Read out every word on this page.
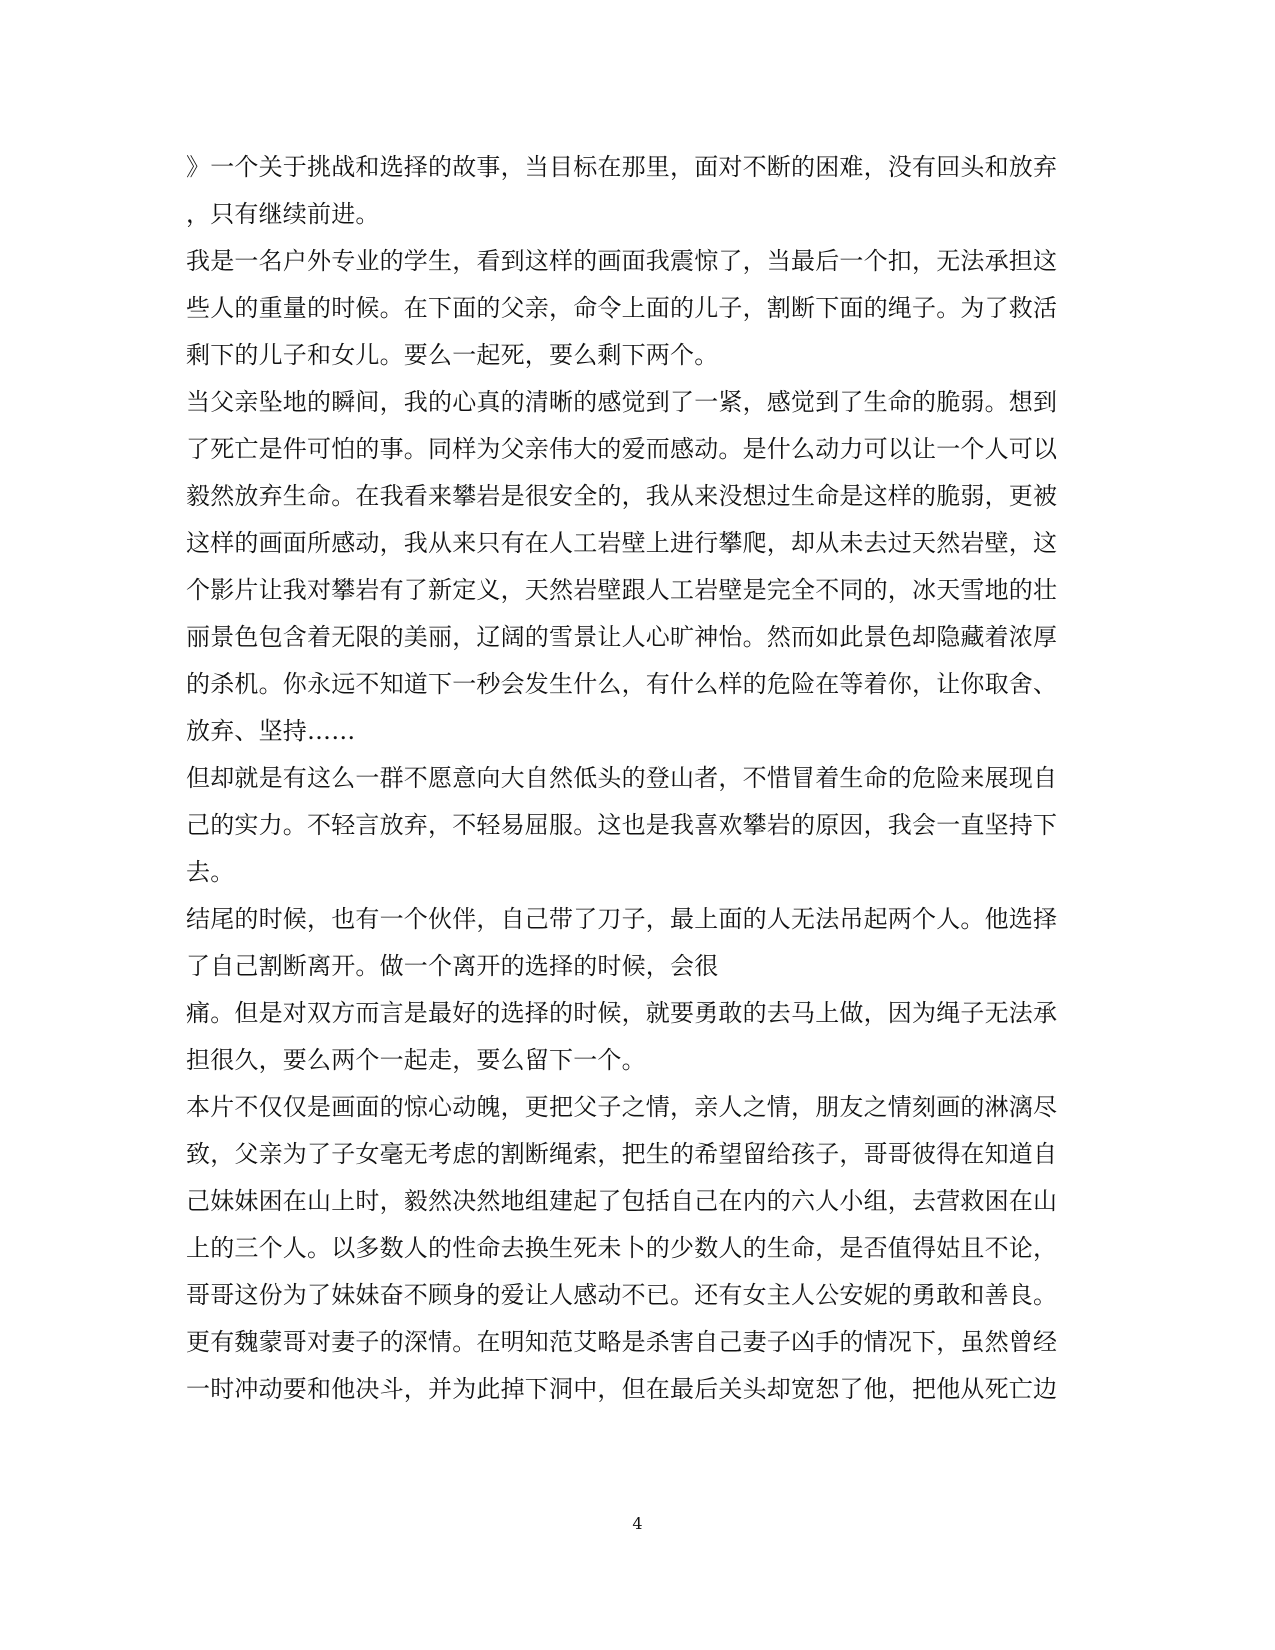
》一个关于挑战和选择的故事，当目标在那里，面对不断的困难，没有回头和放弃
，只有继续前进。
我是一名户外专业的学生，看到这样的画面我震惊了，当最后一个扣，无法承担这
些人的重量的时候。在下面的父亲，命令上面的儿子，割断下面的绳子。为了救活
剩下的儿子和女儿。要么一起死，要么剩下两个。
当父亲坠地的瞬间，我的心真的清晰的感觉到了一紧，感觉到了生命的脆弱。想到
了死亡是件可怕的事。同样为父亲伟大的爱而感动。是什么动力可以让一个人可以
毅然放弃生命。在我看来攀岩是很安全的，我从来没想过生命是这样的脆弱，更被
这样的画面所感动，我从来只有在人工岩壁上进行攀爬，却从未去过天然岩壁，这
个影片让我对攀岩有了新定义，天然岩壁跟人工岩壁是完全不同的，冰天雪地的壮
丽景色包含着无限的美丽，辽阔的雪景让人心旷神怡。然而如此景色却隐藏着浓厚
的杀机。你永远不知道下一秒会发生什么，有什么样的危险在等着你，让你取舍、
放弃、坚持……
但却就是有这么一群不愿意向大自然低头的登山者，不惜冒着生命的危险来展现自
己的实力。不轻言放弃，不轻易屈服。这也是我喜欢攀岩的原因，我会一直坚持下
去。
结尾的时候，也有一个伙伴，自己带了刀子，最上面的人无法吊起两个人。他选择
了自己割断离开。做一个离开的选择的时候，会很
痛。但是对双方而言是最好的选择的时候，就要勇敢的去马上做，因为绳子无法承
担很久，要么两个一起走，要么留下一个。
本片不仅仅是画面的惊心动魄，更把父子之情，亲人之情，朋友之情刻画的淋漓尽
致，父亲为了子女毫无考虑的割断绳索，把生的希望留给孩子，哥哥彼得在知道自
己妹妹困在山上时，毅然决然地组建起了包括自己在内的六人小组，去营救困在山
上的三个人。以多数人的性命去换生死未卜的少数人的生命，是否值得姑且不论，
哥哥这份为了妹妹奋不顾身的爱让人感动不已。还有女主人公安妮的勇敢和善良。
更有魏蒙哥对妻子的深情。在明知范艾略是杀害自己妻子凶手的情况下，虽然曾经
一时冲动要和他决斗，并为此掉下洞中，但在最后关头却宽恕了他，把他从死亡边
4
